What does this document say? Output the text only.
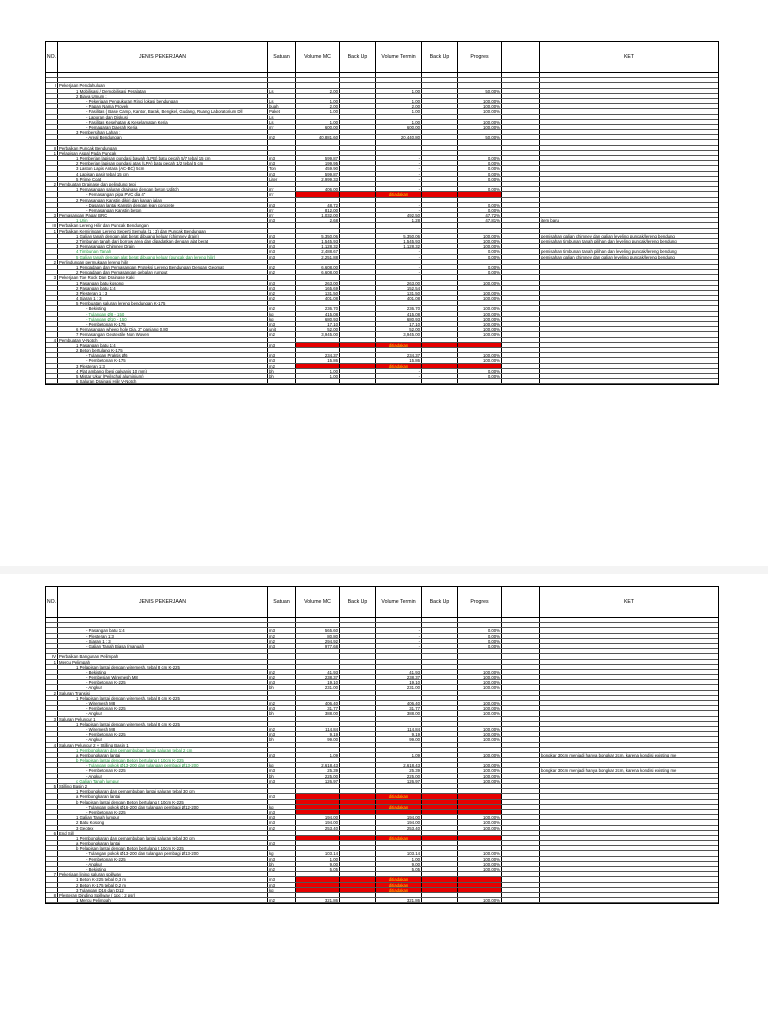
NO.	JENIS PEKERJAAN	Satuan	Volume MC	Back Up	Volume Termin	Back Up	Progres	KET
I Pekerjaan Pendahuluan
1 Mobilisasi / Demobilisasi Peralatan	Ls	2.00	1.00	50.00%
2 Biaya Umum :
- Pekerjaan Pengukuran Rinci lokasi bendungan	Ls	1.00	1.00	100.00%
- Papan Nama Proyek	buah	2.00	2.00	100.00%
- Fasilitas ( Base Camp, Kantor, Barak, Bengkel, Gudang, Ruang Laboratorium Dll	Paket	1.00	1.00	100.00%
- Laporan dan Diskusi	Ls
- Fasilitas Kesehatan & Keselamatan Kerja	Ls	1.00	1.00	100.00%
- Pemagaran Daerah Kerja	m'	600.00	600.00	100.00%
3 Pembersihan Lahan :
- Areal Bendungan	m2	40,881.60	20,440.80	50.00%
II Perbaikan Puncak Bendungan
1 Pelapisan Aspal Pada Puncak
1 Pemberian lapisan pondasi bawah (LPB) batu pecah 5/7 tebal 15 cm	m3	599.87	-	0.00%
2 Pemberian lapisan pondasi atas (LPA) batu pecah 1/2 tebal 5 cm	m3	199.95	-	0.00%
3 Laston Lapis Antara (AC-BC) 5cm	Ton	459.90	-	0.00%
4 Lapisan pasir tebal 15 cm	m3	599.87	-	0.00%
5 Prime Coat	Liter	2,999.33	-	0.00%
2 Pembuatan Drainase dan pelindung tepi
1 Pemasangan saluran drainase dengan beton Uditch	m'	406.00	-	0.00%
- Pemasangan pipa PVC dia 4"	m'	ditiadakan
2 Pemasangan Kanstin dikiri dan kanan jalan
- Dasaran lantai Kanstin dengan lean concrete	m3	48.72	-	0.00%
- Pemasangan Kanstin beton	m'	812.00	-	0.00%
3 Pemasangan Pagar BRC	m'	1,032.00	492.50	47.72%
1 Urin	m3	2.68	1.28	47.81%	item baru
III Perbaikan Lereng Hilir dan Puncak Bendungan
1 Perbaikan Kemiringan Lereng Seperti Semula (1 : 3) dan Puncak Bendungan
1 Galian tanah dengan alat berat dibuang keluar (chimney drain)	m3	5,350.06	5,350.06	100.00%	pemisahan galian chimney dan galian leveling puncak/lereng bendung
2 Timbunan tanah dari borrow area dan dipadatkan dengan alat berat	m3	1,545.93	1,545.93	100.00%	pemisahan timbunan tanah pilihan dan leveling puncak/lereng bendung
3 Pemasangan Chimney Drain	m3	1,128.32	1,128.32	100.00%
4 Timbunan Tanah	m3	2,488.67	-	0.00%	pemisahan timbunan tanah pilihan dan leveling puncak/lereng bendung
5 Galian tanah dengan alat berat dibuang keluar (puncak dan lereng hilir)	m3	2,251.88	-	0.00%	pemisahan galian chimney dan galian leveling puncak/lereng bendung
2 Perlindungan permukaan lereng hilir
1 Pengadaan dan Pemasangan Proteksi Lereng Bendungan Dengan Geomat	m2	6,608.00	-	0.00%
2 Pengadaan dan Pemasangan gebalan rumput	m2	6,608.00	-	0.00%
3 Pekerjaan Toe Rock Dan Drainase Kaki
1 Pasangan batu kosong	m3	263.00	263.00	100.00%
2 Pasangan batu 1:4	m3	165.69	152.54
3 Plesteran 1 : 3	m2	131.50	131.50	100.00%
4 Siaran 1 : 3	m2	401.08	401.08	100.00%
5 Pembuatan saluran lereng bendungan K-175
- Bekisting	m2	236.70	236.70	100.00%
- Tulangan Ø8 - 150	kg	415.08	415.08	100.00%
- Tulangan Ø10 - 150	kg	680.93	680.93	100.00%
- Pembetonan K-175	m3	17.10	17.10	100.00%
6 Pemasangan wheep hole Dia. 2" panjang 0,80	unit	52.00	52.00	100.00%
7 Pemasangan Geotextile Non Woven	m2	3,945.00	3,945.00	100.00%
4 Pembuatan V-Notch
1 Pasangan batu 1:4	m3	ditiadakan
2 Beton bertulang K-175
- Tulangan Praktis Ø6	m3	234.37	234.37	100.00%
- Pembetonan K-175	m3	15.86	15.86	100.00%
3 Plesteran 1:3	m2	ditiadakan
4 Plat ambang (besi galvanis 10 mm)	bh	1.00	-	0.00%
5 Mistar Ukur (Peilschal aluminium)	bh	1.00	-	0.00%
6 Saluran Drainasi Hilir V-Notch
NO.	JENIS PEKERJAAN	Satuan	Volume MC	Back Up	Volume Termin	Back Up	Progres	KET
- Pasangan batu 1:4	m3	565.60	-	0.00%
- Plesteran 1:3	m2	80.80	-	0.00%
- Siaran 1 : 3	m2	294.92	-	0.00%
- Galian Tanah Biasa (manual)	m3	977.68	-	0.00%
IV Perbaikan Bangunan Pelimpah
1 Mercu Pelimpah
1 Pelapisan lantai dengan wiremesh, tebal 8 cm K-225
- Bekisting	m2	41.93	41.93	100.00%
- Pembesian Wiremesh M8	m2	238.37	238.37	100.00%
- Pembetonan K-225	m3	19.10	19.10	100.00%
- Angkur	bh	231.00	231.00	100.00%
2 Saluran Transisi
1 Pelapisan lantai dengan wiremesh, tebal 8 cm K-225
- Wiremesh M8	m2	406.40	406.40	100.00%
- Pembetonan K-225	m3	31.77	31.77	100.00%
- Angkur	bh	388.00	388.00	100.00%
3 Saluran Peluncur 1
1 Pelapisan lantai dengan wiremesh, tebal 8 cm K-225
- Wiremesh M8	m2	114.84	114.84	100.00%
- Pembetonan K-225	m3	9.19	9.19	100.00%
- Angkur	bh	99.00	99.00	100.00%
4 Saluran Peluncur 2 + Stilling Basin 1
1 Pembongkaran dan pemambuban lantai saluran tebal 2 cm
a Pembongkaran lantai	m3	1.09	1.09	100.00%	bongkar 30cm menjadi hanya bongkar 2cm, karena kondisi existing me
b Pelapisan lantai dengan Beton bertulang t 10cm K-225
- Tulangan pokok Ø13-200 dan tulangan pembagi Ø13-200	kg	2,618.43	2,618.43	100.00%
- Pembetonan K-225	m3	25.39	25.39	100.00%	bongkar 30cm menjadi hanya bongkar 2cm, karena kondisi existing me
- Angkur	bh	225.00	225.00	100.00%
c Galian Tanah lumpur	m3	126.97	126.97	100.00%
5 Stilling Basin 2
1 Pembongkaran dan pemambuban lantai saluran tebal 30 cm
a Pembongkaran lantai	m3	ditiadakan
b Pelapisan lantai dengan Beton bertulang t 10cm K-225
- Tulangan pokok Ø16-200 dan tulangan pembagi Ø12-200	kg	ditiadakan
- Pembetonan K-225	m3
1 Galian Tanah lumpur	m3	194.00	194.00	100.00%
2 Batu Kosong	m3	194.00	194.00	100.00%
3 Geotex	m2	253.40	253.40	100.00%
6 End Sill
1 Pembongkaran dan pemambuban lantai saluran tebal 30 cm	ditiadakan
a Pembongkaran lantai	m3
b Pelapisan lantai dengan Beton bertulang t 10cm K-225
- Tulangan pokok Ø13-200 dan tulangan pembagi Ø13-200	kg	103.14	103.14	100.00%
- Pembetonan K-225	m3	1.00	1.00	100.00%
- Angkur	bh	9.00	9.00	100.00%
- Bekisting	m2	5.05	5.05	100.00%
7 Pekerjaan lining saluran spillway
1 Beton K-225 tebal 0,3 m	m3	ditiadakan
2 Beton K-175 tebal 0,2 m	m3	ditiadakan
3 Tulangan D16 dan D12	kg	ditiadakan
8 Plesteran Dinding Spillway ( 1pc : 2 psr)
1 Mercu Pelimpah	m2	321.86	321.86	100.00%
